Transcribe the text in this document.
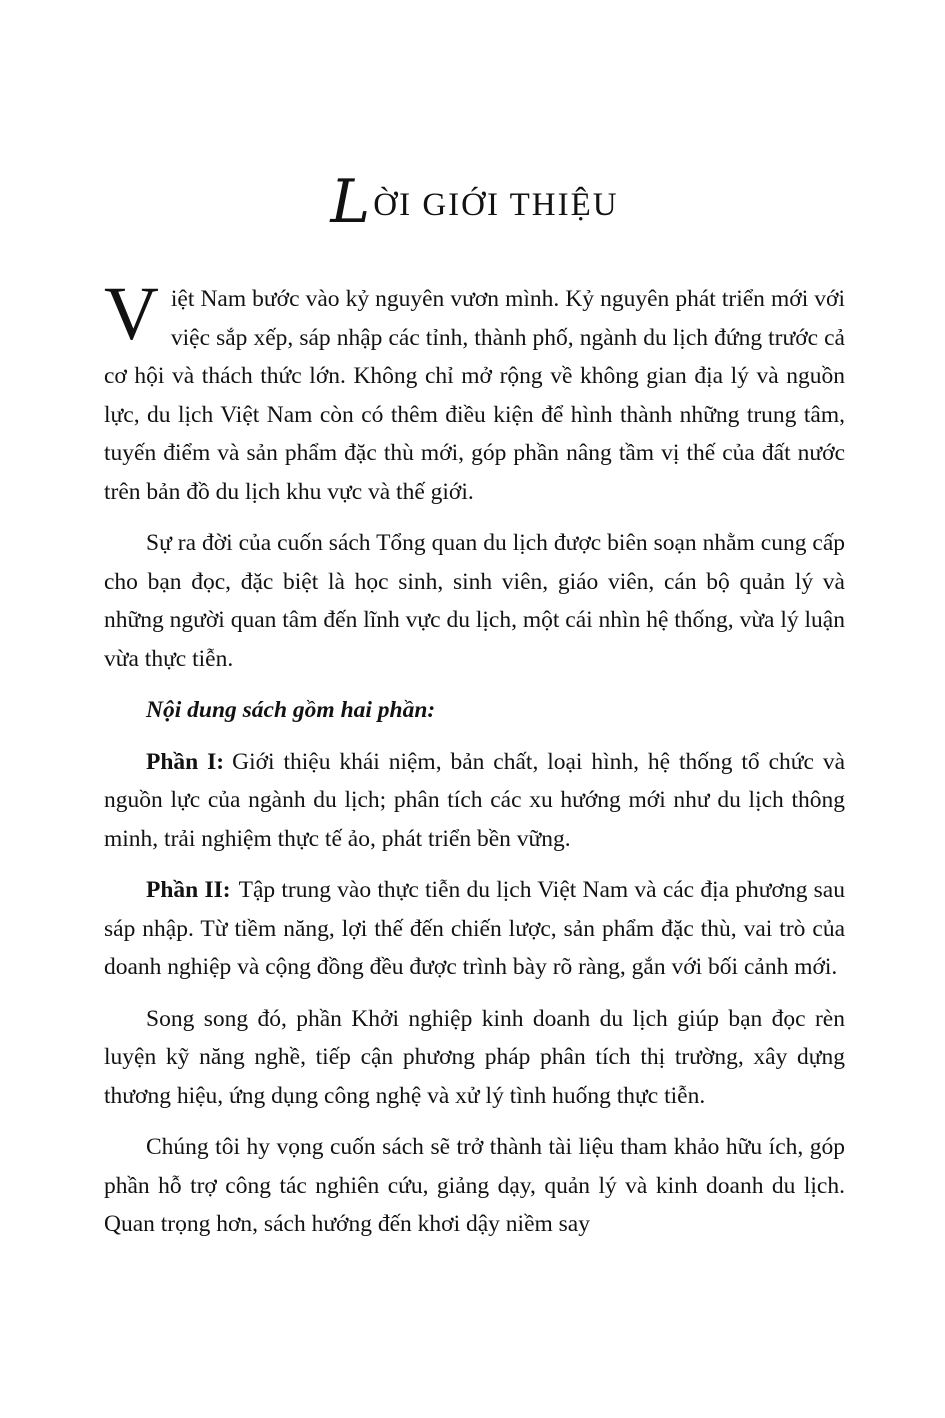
LỜI GIỚI THIỆU

Việt Nam bước vào kỷ nguyên vươn mình. Kỷ nguyên phát triển mới với việc sắp xếp, sáp nhập các tỉnh, thành phố, ngành du lịch đứng trước cả cơ hội và thách thức lớn. Không chỉ mở rộng về không gian địa lý và nguồn lực, du lịch Việt Nam còn có thêm điều kiện để hình thành những trung tâm, tuyến điểm và sản phẩm đặc thù mới, góp phần nâng tầm vị thế của đất nước trên bản đồ du lịch khu vực và thế giới.

Sự ra đời của cuốn sách Tổng quan du lịch được biên soạn nhằm cung cấp cho bạn đọc, đặc biệt là học sinh, sinh viên, giáo viên, cán bộ quản lý và những người quan tâm đến lĩnh vực du lịch, một cái nhìn hệ thống, vừa lý luận vừa thực tiễn.

Nội dung sách gồm hai phần:

Phần I: Giới thiệu khái niệm, bản chất, loại hình, hệ thống tổ chức và nguồn lực của ngành du lịch; phân tích các xu hướng mới như du lịch thông minh, trải nghiệm thực tế ảo, phát triển bền vững.

Phần II: Tập trung vào thực tiễn du lịch Việt Nam và các địa phương sau sáp nhập. Từ tiềm năng, lợi thế đến chiến lược, sản phẩm đặc thù, vai trò của doanh nghiệp và cộng đồng đều được trình bày rõ ràng, gắn với bối cảnh mới.

Song song đó, phần Khởi nghiệp kinh doanh du lịch giúp bạn đọc rèn luyện kỹ năng nghề, tiếp cận phương pháp phân tích thị trường, xây dựng thương hiệu, ứng dụng công nghệ và xử lý tình huống thực tiễn.

Chúng tôi hy vọng cuốn sách sẽ trở thành tài liệu tham khảo hữu ích, góp phần hỗ trợ công tác nghiên cứu, giảng dạy, quản lý và kinh doanh du lịch. Quan trọng hơn, sách hướng đến khơi dậy niềm say
